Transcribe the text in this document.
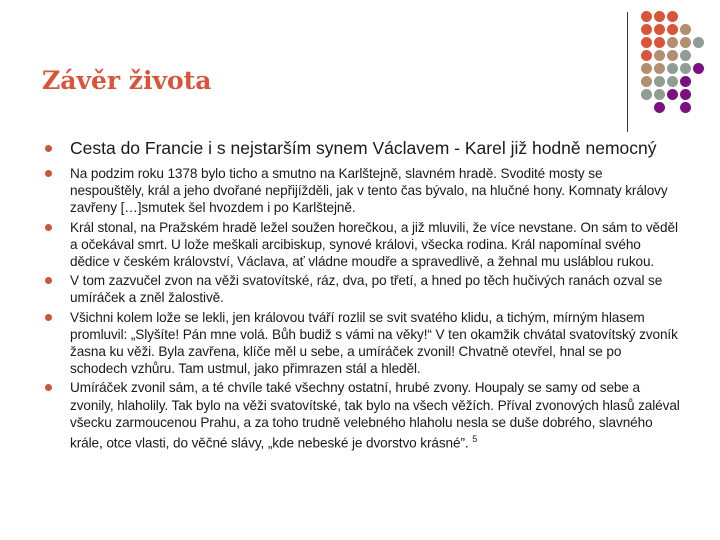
Závěr života
Cesta do Francie i s nejstarším synem Václavem - Karel již hodně nemocný
Na podzim roku 1378 bylo ticho a smutno na Karlštejně, slavném hradě. Svodité mosty se nespouštěly, král a jeho dvořané nepřijížděli, jak v tento čas bývalo, na hlučné hony. Komnaty královy zavřeny […]smutek šel hvozdem i po Karlštejně.
Král stonal, na Pražském hradě ležel soužen horečkou, a již mluvili, že více nevstane. On sám to věděl a očekával smrt. U lože meškali arcibiskup, synové královi, všecka rodina. Král napomínal svého dědice v českém království, Václava, ať vládne moudře a spravedlivě, a žehnal mu usláblou rukou.
V tom zazvučel zvon na věži svatovítské, ráz, dva, po třetí, a hned po těch hučivých ranách ozval se umíráček a zněl žalostivě.
Všichni kolem lože se lekli, jen královou tváří rozlil se svit svatého klidu, a tichým, mírným hlasem promluvil: „Slyšíte! Pán mne volá. Bůh budiž s vámi na věky!“ V ten okamžik chvátal svatovítský zvoník žasna ku věži. Byla zavřena, klíče měl u sebe, a umíráček zvonil! Chvatně otevřel, hnal se po schodech vzhůru. Tam ustmul, jako přimrazen stál a hleděl.
Umíráček zvonil sám, a té chvíle také všechny ostatní, hrubé zvony. Houpaly se samy od sebe a zvonily, hlaholily. Tak bylo na věži svatovítské, tak bylo na všech věžích. Příval zvonových hlasů zaléval všecku zarmoucenou Prahu, a za toho trudně velebného hlaholu nesla se duše dobrého, slavného krále, otce vlasti, do věčné slávy, „kde nebeské je dvorstvo krásné”. $^5$
